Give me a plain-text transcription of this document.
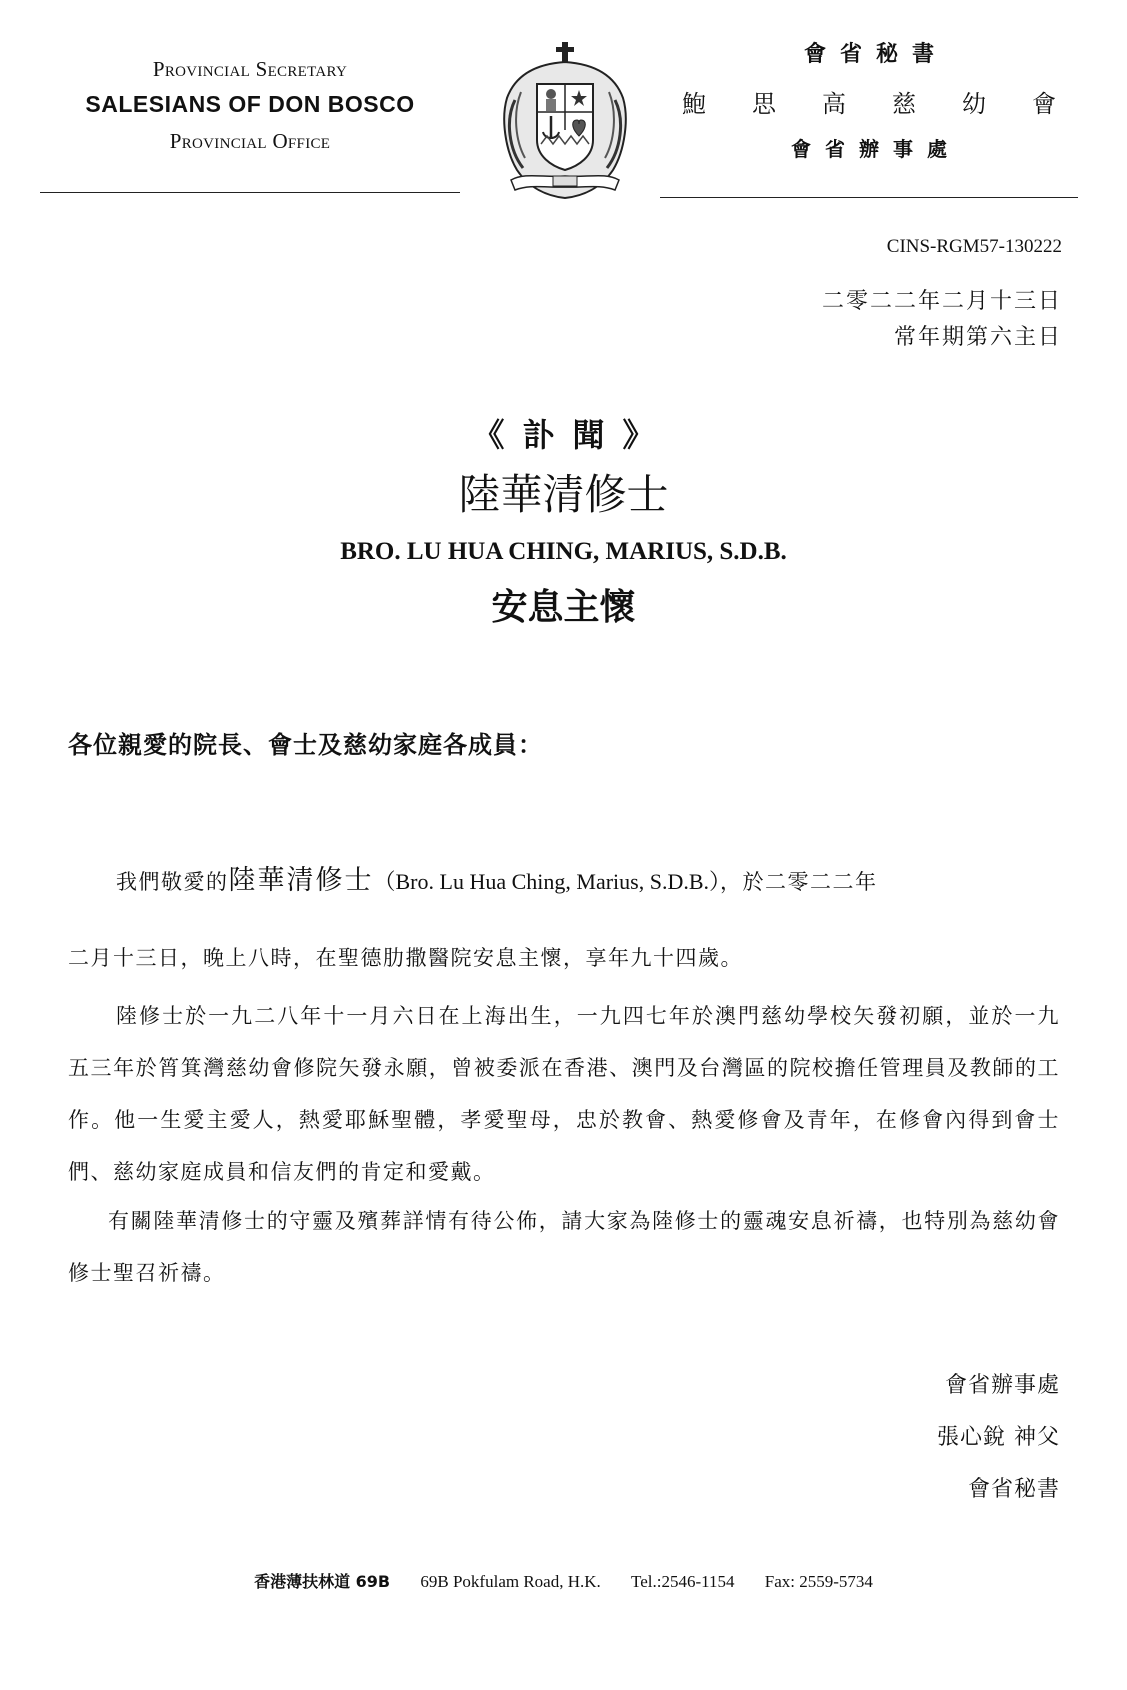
Provincial Secretary
SALESIANS OF DON BOSCO
Provincial Office
會省秘書
鮑 思 高 慈 幼 會
會省辦事處
CINS-RGM57-130222
二零二二年二月十三日
常年期第六主日
《訃聞》
陸華清修士
BRO. LU HUA CHING, MARIUS, S.D.B.
安息主懷
各位親愛的院長、會士及慈幼家庭各成員：
我們敬愛的陸華清修士（Bro. Lu Hua Ching, Marius, S.D.B.），於二零二二年
二月十三日，晚上八時，在聖德肋撒醫院安息主懷，享年九十四歲。
陸修士於一九二八年十一月六日在上海出生，一九四七年於澳門慈幼學校矢發初願，並於一九五三年於筲箕灣慈幼會修院矢發永願，曾被委派在香港、澳門及台灣區的院校擔任管理員及教師的工作。他一生愛主愛人，熱愛耶穌聖體，孝愛聖母，忠於教會、熱愛修會及青年，在修會內得到會士們、慈幼家庭成員和信友們的肯定和愛戴。
有關陸華清修士的守靈及殯葬詳情有待公佈，請大家為陸修士的靈魂安息祈禱，也特別為慈幼會修士聖召祈禱。
會省辦事處
張心銳 神父
會省秘書
香港薄扶林道 69B 69B Pokfulam Road, H.K. Tel.:2546-1154 Fax: 2559-5734
